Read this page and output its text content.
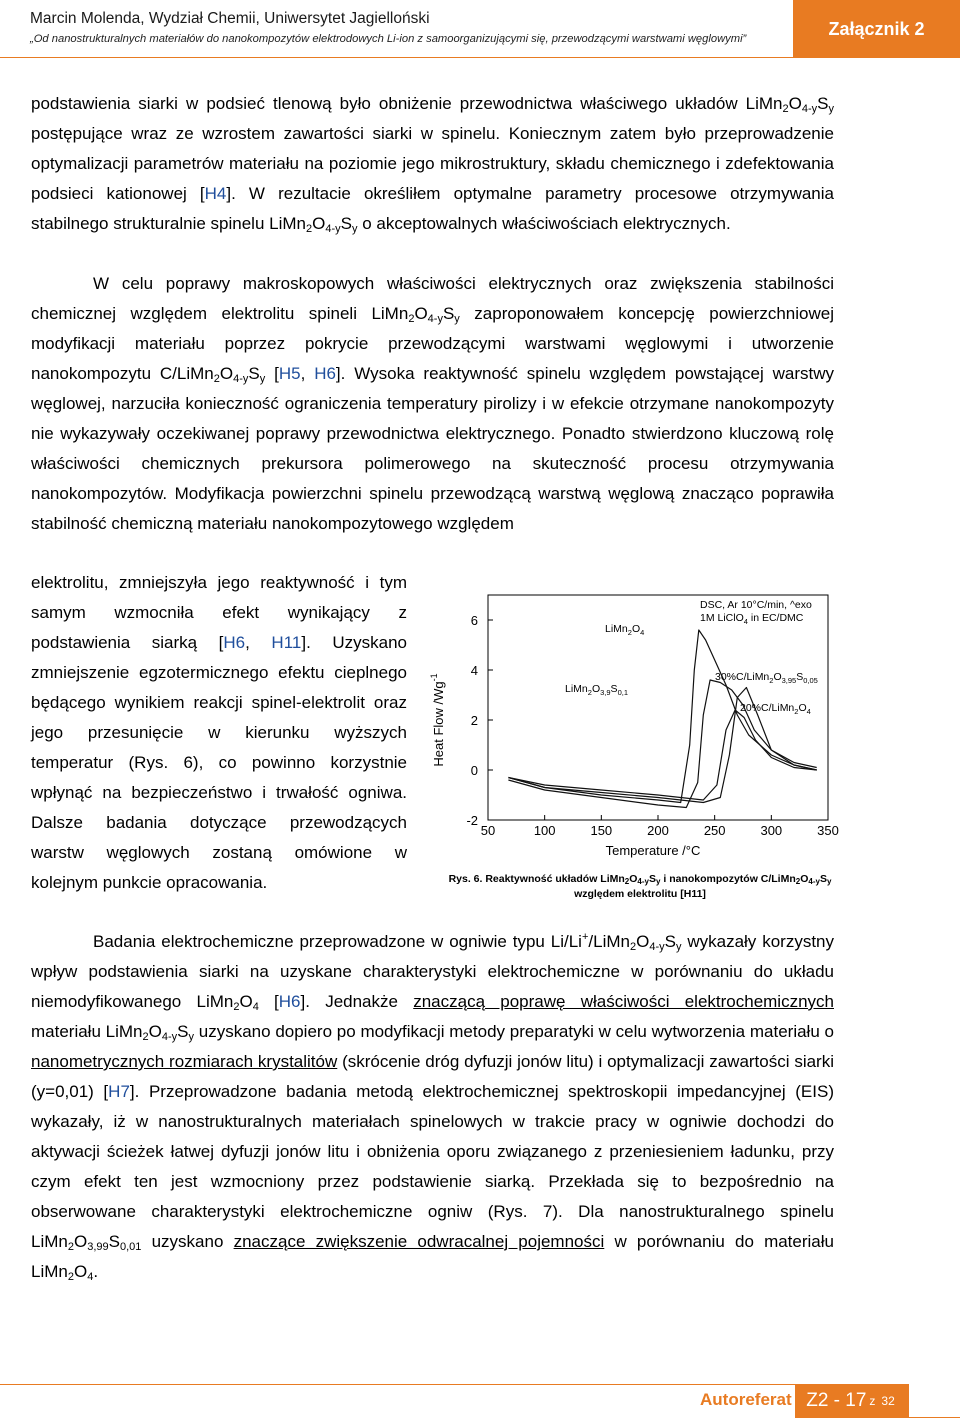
Marcin Molenda, Wydział Chemii, Uniwersytet Jagielloński
„Od nanostrukturalnych materiałów do nanokompozytów elektrodowych Li-ion z samoorganizującymi się, przewodzącymi warstwami węglowymi”
Załącznik 2

podstawienia siarki w podsieć tlenową było obniżenie przewodnictwa właściwego układów $LiMn_2O_{4-y}S_y$ postępujące wraz ze wzrostem zawartości siarki w spinelu. Koniecznym zatem było przeprowadzenie optymalizacji parametrów materiału na poziomie jego mikrostruktury, składu chemicznego i zdefektowania podsieci kationowej [H4]. W rezultacie określiłem optymalne parametry procesowe otrzymywania stabilnego strukturalnie spinelu $LiMn_2O_{4-y}S_y$ o akceptowalnych właściwościach elektrycznych.

W celu poprawy makroskopowych właściwości elektrycznych oraz zwiększenia stabilności chemicznej względem elektrolitu spineli $LiMn_2O_{4-y}S_y$ zaproponowałem koncepcję powierzchniowej modyfikacji materiału poprzez pokrycie przewodzącymi warstwami węglowymi i utworzenie nanokompozytu $C/LiMn_2O_{4-y}S_y$ [H5, H6]. Wysoka reaktywność spinelu względem powstającej warstwy węglowej, narzuciła konieczność ograniczenia temperatury pirolizy i w efekcie otrzymane nanokompozyty nie wykazywały oczekiwanej poprawy przewodnictwa elektrycznego. Ponadto stwierdzono kluczową rolę właściwości chemicznych prekursora polimerowego na skuteczność procesu otrzymywania nanokompozytów. Modyfikacja powierzchni spinelu przewodzącą warstwą węglową znacząco poprawiła stabilność chemiczną materiału nanokompozytowego względem

elektrolitu, zmniejszyła jego reaktywność i tym samym wzmocniła efekt wynikający z podstawienia siarką [H6, H11]. Uzyskano zmniejszenie egzotermicznego efektu cieplnego będącego wynikiem reakcji spinel-elektrolit oraz jego przesunięcie w kierunku wyższych temperatur (Rys. 6), co powinno korzystnie wpłynąć na bezpieczeństwo i trwałość ogniwa. Dalsze badania dotyczące przewodzących warstw węglowych zostaną omówione w kolejnym punkcie opracowania.

50	100	150	200	250	300	350
-2
0
2
4
6
DSC, Ar 10°C/min, ^exo
1M LiClO$_4$ in EC/DMC
$LiMn_2O_4$
$LiMn_2O_{3,9}S_{0,1}$
$30\%C/LiMn_2O_{3,95}S_{0,05}$
$20\%C/LiMn_2O_4$
Temperature /°C
Heat Flow $/Wg^{-1}$

Rys. 6. Reaktywność układów $LiMn_2O_{4-y}S_y$ i nanokompozytów $C/LiMn_2O_{4-y}S_y$ względem elektrolitu [H11]

Badania elektrochemiczne przeprowadzone w ogniwie typu $Li/Li^+/LiMn_2O_{4-y}S_y$ wykazały korzystny wpływ podstawienia siarki na uzyskane charakterystyki elektrochemiczne w porównaniu do układu niemodyfikowanego $LiMn_2O_4$ [H6]. Jednakże znaczącą poprawę właściwości elektrochemicznych materiału $LiMn_2O_{4-y}S_y$ uzyskano dopiero po modyfikacji metody preparatyki w celu wytworzenia materiału o nanometrycznych rozmiarach krystalitów (skrócenie dróg dyfuzji jonów litu) i optymalizacji zawartości siarki (y=0,01) [H7]. Przeprowadzone badania metodą elektrochemicznej spektroskopii impedancyjnej (EIS) wykazały, iż w nanostrukturalnych materiałach spinelowych w trakcie pracy w ogniwie dochodzi do aktywacji ścieżek łatwej dyfuzji jonów litu i obniżenia oporu związanego z przeniesieniem ładunku, przy czym efekt ten jest wzmocniony przez podstawienie siarką. Przekłada się to bezpośrednio na obserwowane charakterystyki elektrochemiczne ogniw (Rys. 7). Dla nanostrukturalnego spinelu $LiMn_2O_{3,99}S_{0,01}$ uzyskano znaczące zwiększenie odwracalnej pojemności w porównaniu do materiału $LiMn_2O_4$.

Autoreferat Z2 - 17 z 32
